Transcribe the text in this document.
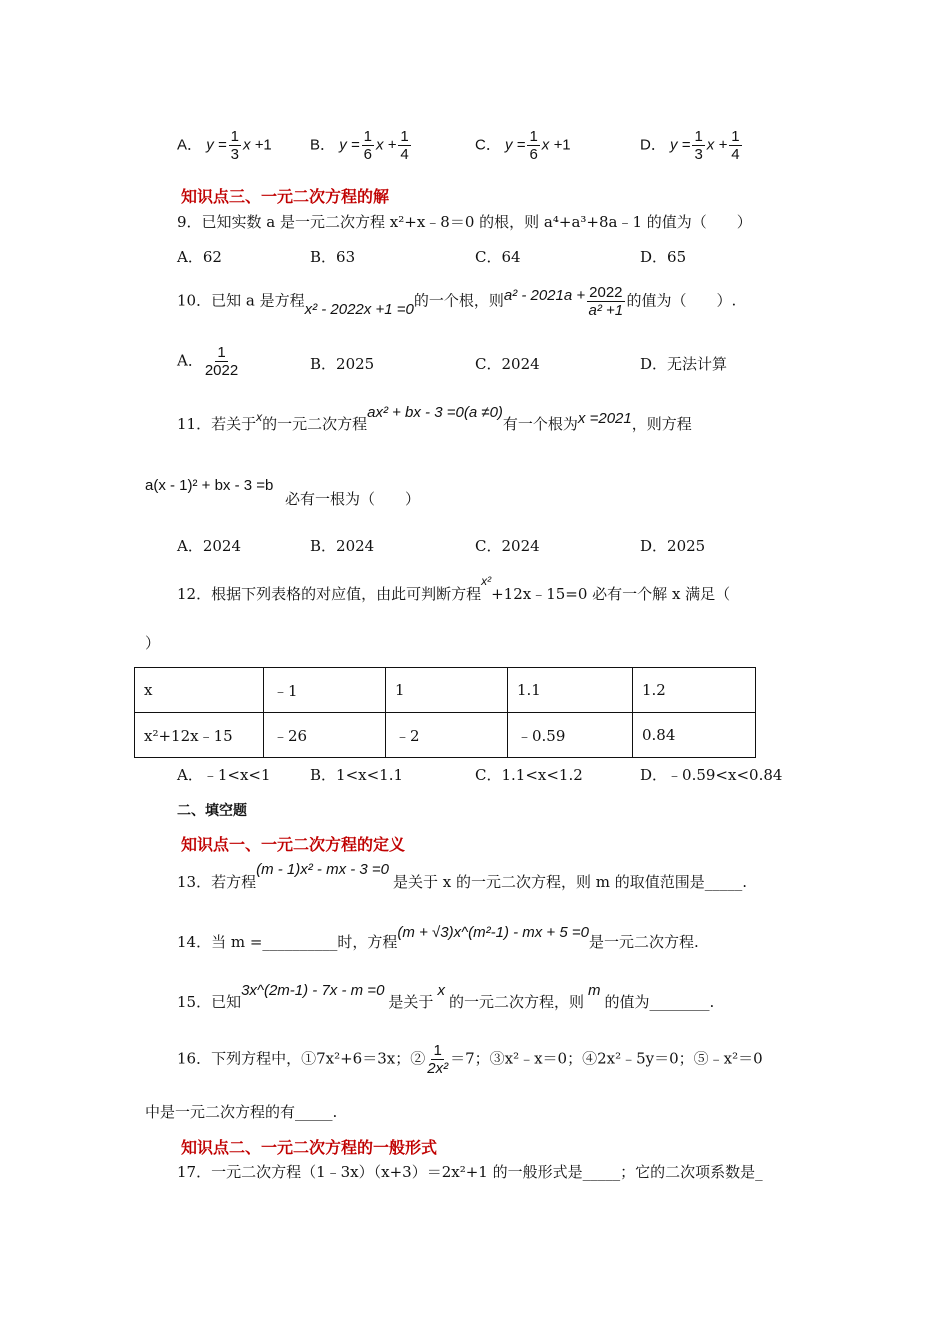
A． $y = \frac{1}{3}$ x +1	B． $y = \frac{1}{6}$ $x + \frac{1}{4}$	C． $y = \frac{1}{6}$ x +1	D． $y = \frac{1}{3}$ $x + \frac{1}{4}$
知识点三、一元二次方程的解
9．已知实数 a 是一元二次方程 x²+x﹣8＝0 的根，则 a⁴+a³+8a﹣1 的值为（　　）
A．62	B．63	C．64	D．65
10．已知 a 是方程x² - 2022x +1 =0的一个根，则$a^2 - 2021a + \frac{2022}{\text{a² +1}}$ 的值为（　　）.
A． $\frac{1}{2022}$	B．2025	C．2024	D．无法计算
11．若关于$^x$的一元二次方程ax² + bx - 3 =0(a ≠0)有一个根为x =2021，则方程
a(x - 1)² + bx - 3 =b
必有一根为（　　）
A．2024	B．2024	C．2024	D．2025
12．根据下列表格的对应值，由此可判断方程$^{x^2}$+12x﹣15=0 必有一个解 x 满足（
）
x	﹣1	1	1.1	1.2
x²+12x﹣15	﹣26	﹣2	﹣0.59	0.84
A．﹣1<x<1	B．1<x<1.1	C．1.1<x<1.2	D．﹣0.59<x<0.84
二、填空题
知识点一、一元二次方程的定义
13．若方程(m - 1)x² - mx - 3 =0是关于 x 的一元二次方程，则 m 的取值范围是_____.
14．当 m =__________时，方程(m + √3)x^(m²-1) - mx + 5 =0是一元二次方程.
15．已知3x^(2m-1) - 7x - m =0是关于x的一元二次方程，则m的值为________.
16．下列方程中，①7x²+6＝3x；② $\frac{1}{\text{2x²}} =7$；③x²﹣x＝0；④2x²﹣5y＝0；⑤﹣x²＝0
中是一元二次方程的有_____.
知识点二、一元二次方程的一般形式
17．一元二次方程（1﹣3x）（x+3）＝2x²+1 的一般形式是_____；它的二次项系数是_
